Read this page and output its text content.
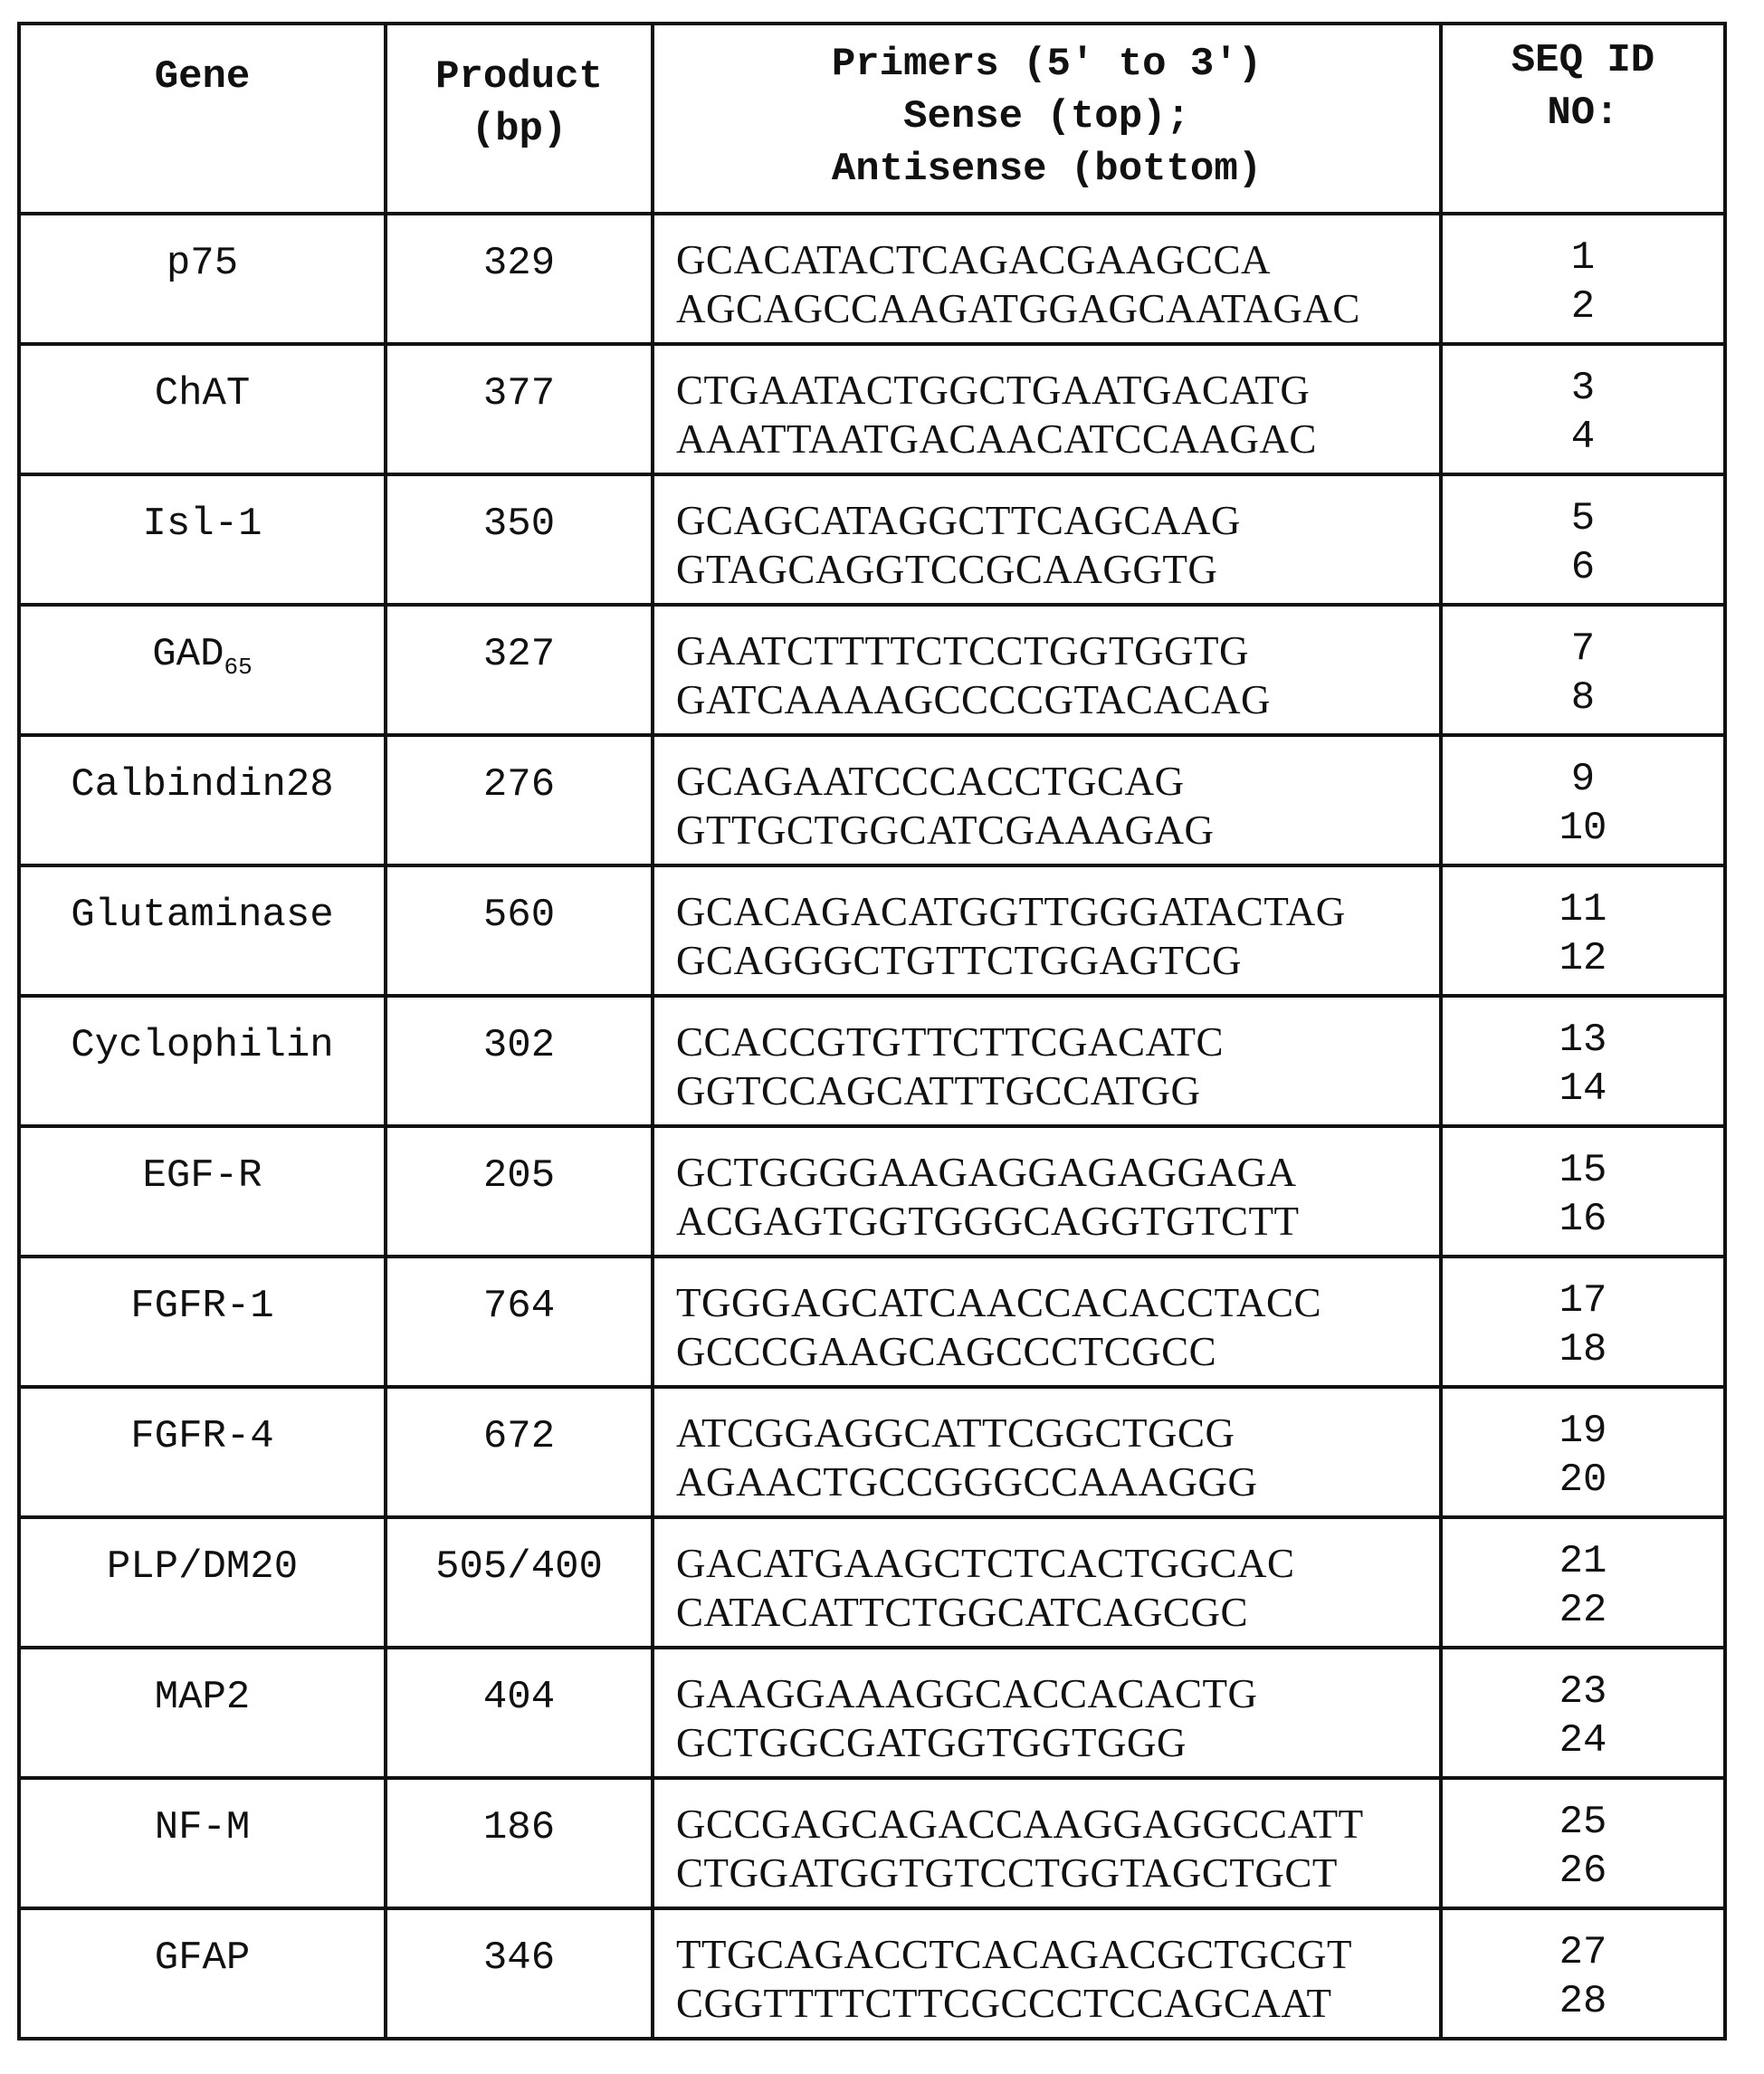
Gene	Product
(bp)

Primers (5' to 3')
Sense (top);
Antisense (bottom)

SEQ ID
NO:

p75	329	GCACATACTCAGACGAAGCCA
AGCAGCCAAGATGGAGCAATAGAC

1
2

ChAT	377	CTGAATACTGGCTGAATGACATG
AAATTAATGACAACATCCAAGAC

3
4

Isl-1	350	GCAGCATAGGCTTCAGCAAG
GTAGCAGGTCCGCAAGGTG

5
6

GAD65	327	GAATCTTTTCTCCTGGTGGTG
GATCAAAAGCCCCGTACACAG

7
8

Calbindin28	276	GCAGAATCCCACCTGCAG
GTTGCTGGCATCGAAAGAG

9
10

Glutaminase	560	GCACAGACATGGTTGGGATACTAG
GCAGGGCTGTTCTGGAGTCG

11
12

Cyclophilin	302	CCACCGTGTTCTTCGACATC
GGTCCAGCATTTGCCATGG

13
14

EGF-R	205	GCTGGGGAAGAGGAGAGGAGA
ACGAGTGGTGGGCAGGTGTCTT

15
16

FGFR-1	764	TGGGAGCATCAACCACACCTACC
GCCCGAAGCAGCCCTCGCC

17
18

FGFR-4	672	ATCGGAGGCATTCGGCTGCG
AGAACTGCCGGGCCAAAGGG

19
20

PLP/DM20	505/400	GACATGAAGCTCTCACTGGCAC
CATACATTCTGGCATCAGCGC

21
22

MAP2	404	GAAGGAAAGGCACCACACTG
GCTGGCGATGGTGGTGGG

23
24

NF-M	186	GCCGAGCAGACCAAGGAGGCCATT
CTGGATGGTGTCCTGGTAGCTGCT

25
26

GFAP	346	TTGCAGACCTCACAGACGCTGCGT
CGGTTTTCTTCGCCCTCCAGCAAT

27
28
